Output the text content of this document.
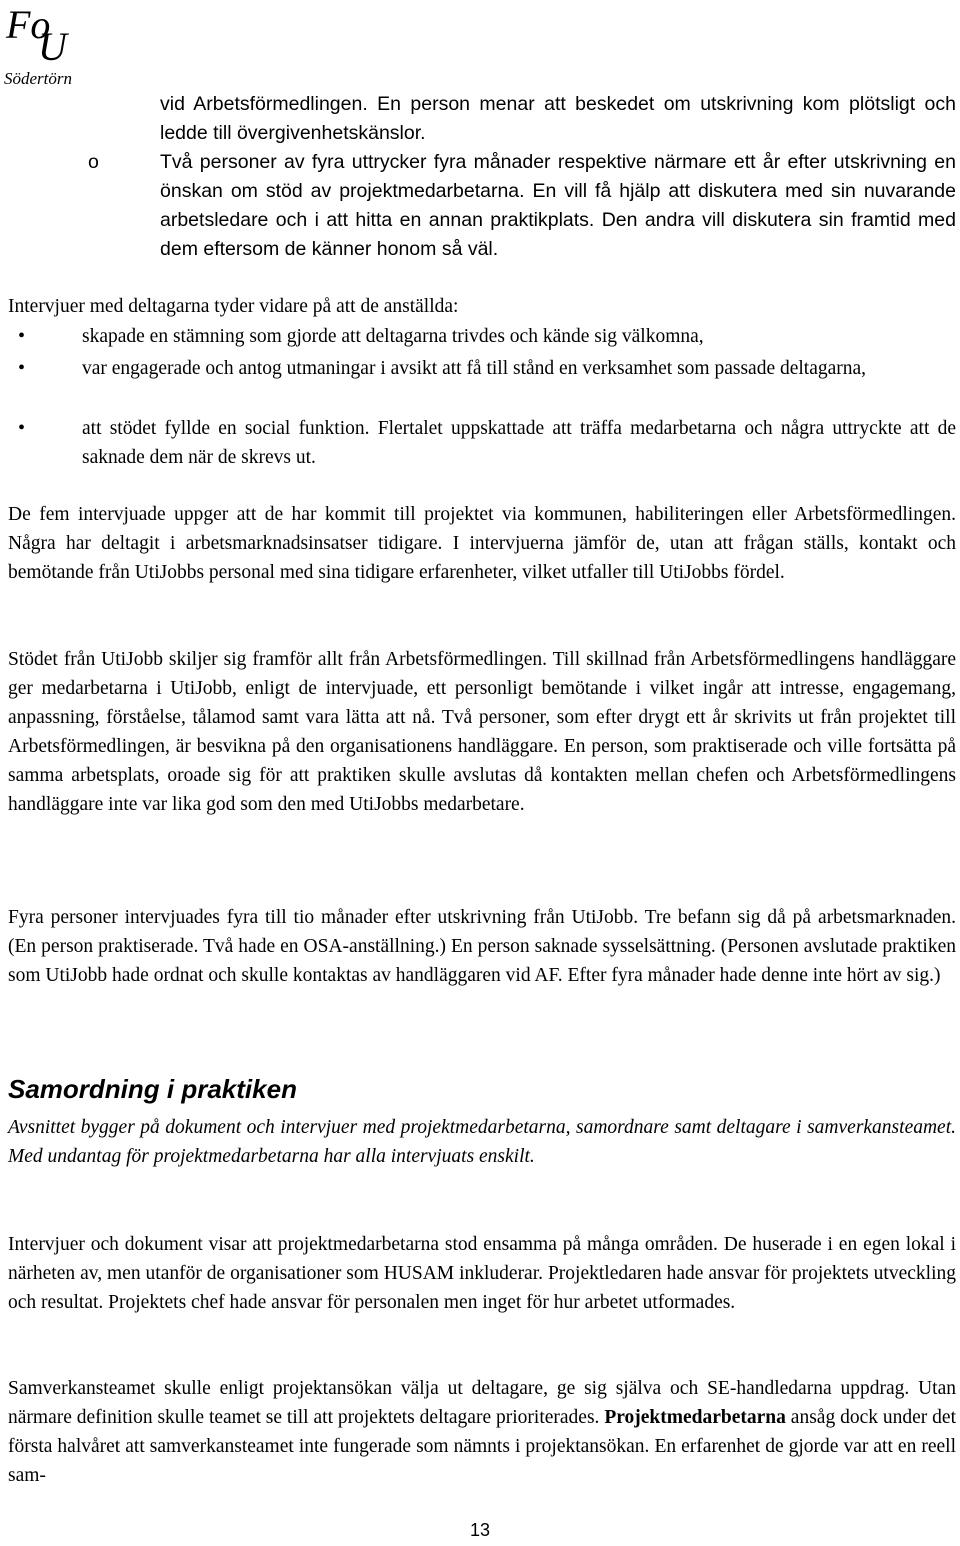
Fo
U
Södertörn
vid Arbetsförmedlingen. En person menar att beskedet om utskrivning kom plötsligt och ledde till övergivenhetskänslor.
o	Två personer av fyra uttrycker fyra månader respektive närmare ett år efter utskrivning en önskan om stöd av projektmedarbetarna. En vill få hjälp att diskutera med sin nuvarande arbetsledare och i att hitta en annan praktikplats. Den andra vill diskutera sin framtid med dem eftersom de känner honom så väl.
Intervjuer med deltagarna tyder vidare på att de anställda:
•	skapade en stämning som gjorde att deltagarna trivdes och kände sig välkomna,
•	var engagerade och antog utmaningar i avsikt att få till stånd en verksamhet som passade deltagarna,
•	att stödet fyllde en social funktion. Flertalet uppskattade att träffa medarbetarna och några uttryckte att de saknade dem när de skrevs ut.
De fem intervjuade uppger att de har kommit till projektet via kommunen, habiliteringen eller Arbetsförmedlingen. Några har deltagit i arbetsmarknadsinsatser tidigare. I intervjuerna jämför de, utan att frågan ställs, kontakt och bemötande från UtiJobbs personal med sina tidigare erfarenheter, vilket utfaller till UtiJobbs fördel.
Stödet från UtiJobb skiljer sig framför allt från Arbetsförmedlingen. Till skillnad från Arbetsförmedlingens handläggare ger medarbetarna i UtiJobb, enligt de intervjuade, ett personligt bemötande i vilket ingår att intresse, engagemang, anpassning, förståelse, tålamod samt vara lätta att nå. Två personer, som efter drygt ett år skrivits ut från projektet till Arbetsförmedlingen, är besvikna på den organisationens handläggare. En person, som praktiserade och ville fortsätta på samma arbetsplats, oroade sig för att praktiken skulle avslutas då kontakten mellan chefen och Arbetsförmedlingens handläggare inte var lika god som den med UtiJobbs medarbetare.
Fyra personer intervjuades fyra till tio månader efter utskrivning från UtiJobb. Tre befann sig då på arbetsmarknaden. (En person praktiserade. Två hade en OSA-anställning.) En person saknade sysselsättning. (Personen avslutade praktiken som UtiJobb hade ordnat och skulle kontaktas av handläggaren vid AF. Efter fyra månader hade denne inte hört av sig.)
Samordning i praktiken
Avsnittet bygger på dokument och intervjuer med projektmedarbetarna, samordnare samt deltagare i samverkansteamet. Med undantag för projektmedarbetarna har alla intervjuats enskilt.
Intervjuer och dokument visar att projektmedarbetarna stod ensamma på många områden. De huserade i en egen lokal i närheten av, men utanför de organisationer som HUSAM inkluderar. Projektledaren hade ansvar för projektets utveckling och resultat. Projektets chef hade ansvar för personalen men inget för hur arbetet utformades.
Samverkansteamet skulle enligt projektansökan välja ut deltagare, ge sig själva och SE-handledarna uppdrag. Utan närmare definition skulle teamet se till att projektets deltagare prioriterades. Projektmedarbetarna ansåg dock under det första halvåret att samverkansteamet inte fungerade som nämnts i projektansökan. En erfarenhet de gjorde var att en reell sam-
13
